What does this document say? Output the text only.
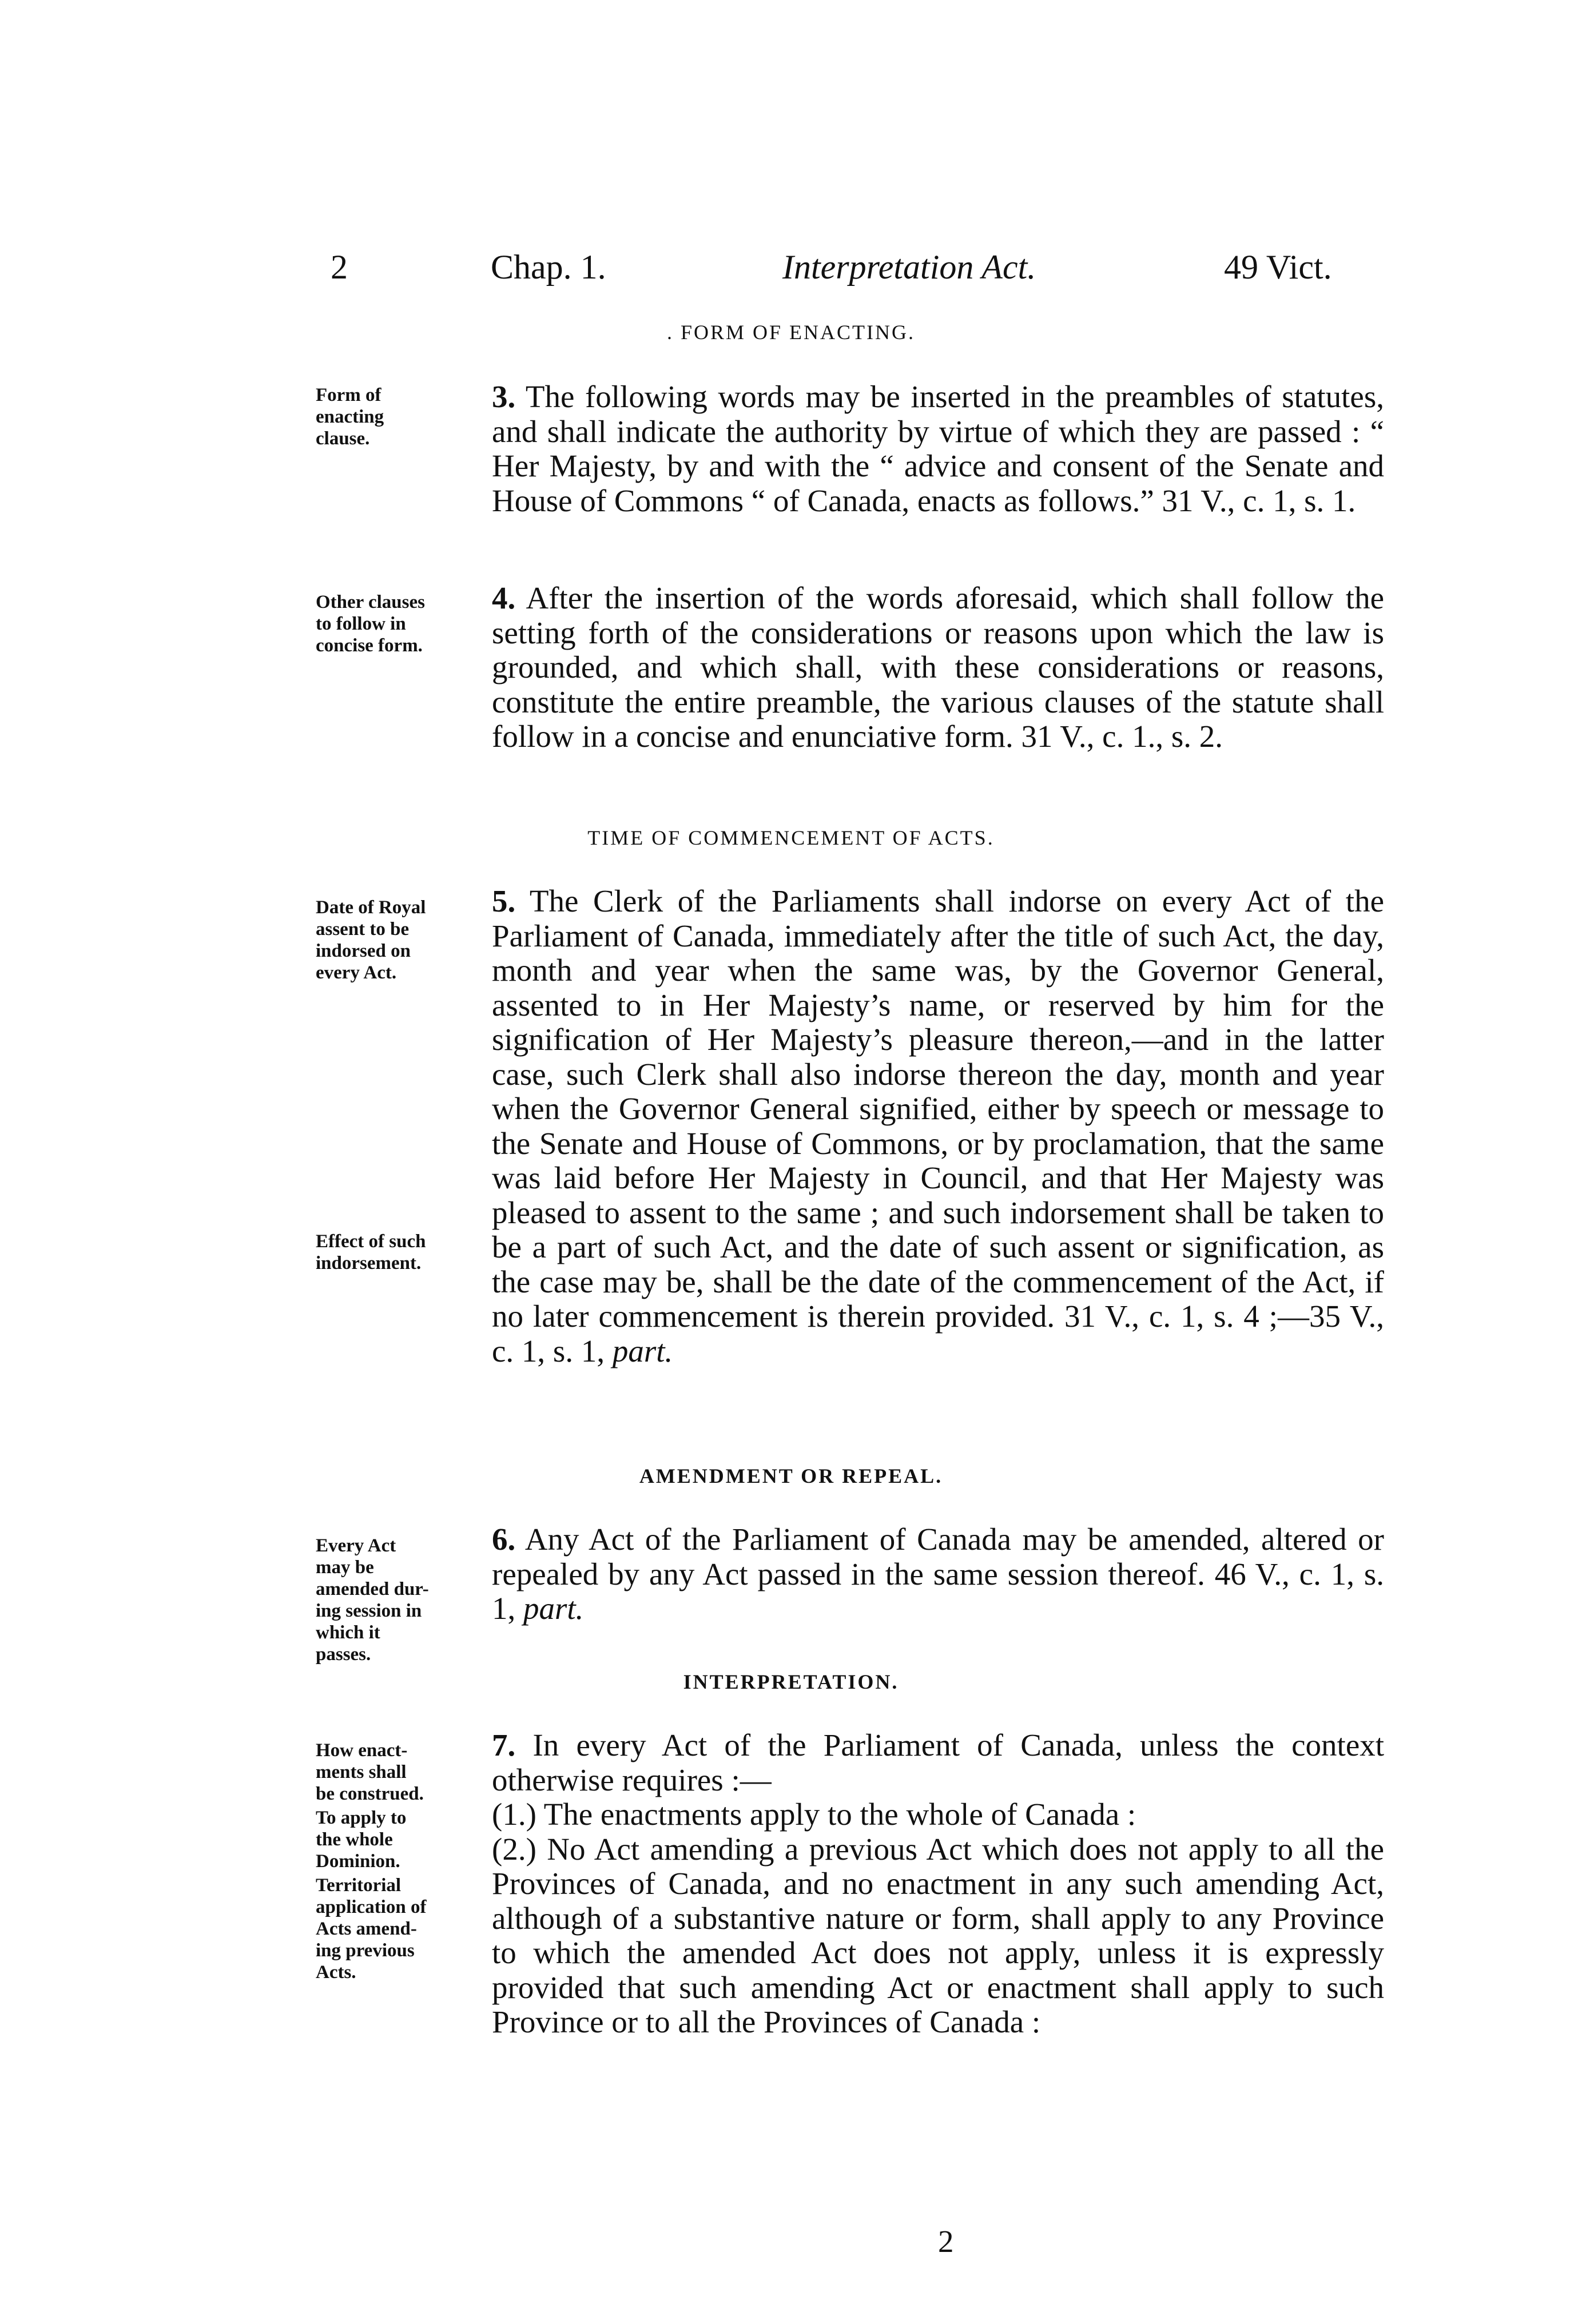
2	Chap. 1.	Interpretation Act.	49 Vict.
. FORM OF ENACTING.
Form of
enacting
clause.

3. The following words may be inserted in the preambles of statutes, and shall indicate the authority by virtue of which they are passed : “ Her Majesty, by and with the “ advice and consent of the Senate and House of Commons “ of Canada, enacts as follows.” 31 V., c. 1, s. 1.

Other clauses
to follow in
concise form.

4. After the insertion of the words aforesaid, which shall follow the setting forth of the considerations or reasons upon which the law is grounded, and which shall, with these considerations or reasons, constitute the entire preamble, the various clauses of the statute shall follow in a concise and enunciative form. 31 V., c. 1., s. 2.

TIME OF COMMENCEMENT OF ACTS.
Date of Royal
assent to be
indorsed on
every Act.
Effect of such
indorsement.

5. The Clerk of the Parliaments shall indorse on every Act of the Parliament of Canada, immediately after the title of such Act, the day, month and year when the same was, by the Governor General, assented to in Her Majesty’s name, or reserved by him for the signification of Her Majesty’s pleasure thereon,—and in the latter case, such Clerk shall also indorse thereon the day, month and year when the Governor General signified, either by speech or message to the Senate and House of Commons, or by proclamation, that the same was laid before Her Majesty in Council, and that Her Majesty was pleased to assent to the same ; and such indorsement shall be taken to be a part of such Act, and the date of such assent or signification, as the case may be, shall be the date of the commencement of the Act, if no later commencement is therein provided. 31 V., c. 1, s. 4 ;—35 V., c. 1, s. 1, part.

AMENDMENT OR REPEAL.
Every Act
may be
amended dur-
ing session in
which it
passes.

6. Any Act of the Parliament of Canada may be amended, altered or repealed by any Act passed in the same session thereof. 46 V., c. 1, s. 1, part.

INTERPRETATION.
How enact-
ments shall
be construed.
To apply to
the whole
Dominion.
Territorial
application of
Acts amend-
ing previous
Acts.

7. In every Act of the Parliament of Canada, unless the context otherwise requires :—

(1.) The enactments apply to the whole of Canada :

(2.) No Act amending a previous Act which does not apply to all the Provinces of Canada, and no enactment in any such amending Act, although of a substantive nature or form, shall apply to any Province to which the amended Act does not apply, unless it is expressly provided that such amending Act or enactment shall apply to such Province or to all the Provinces of Canada :

2
